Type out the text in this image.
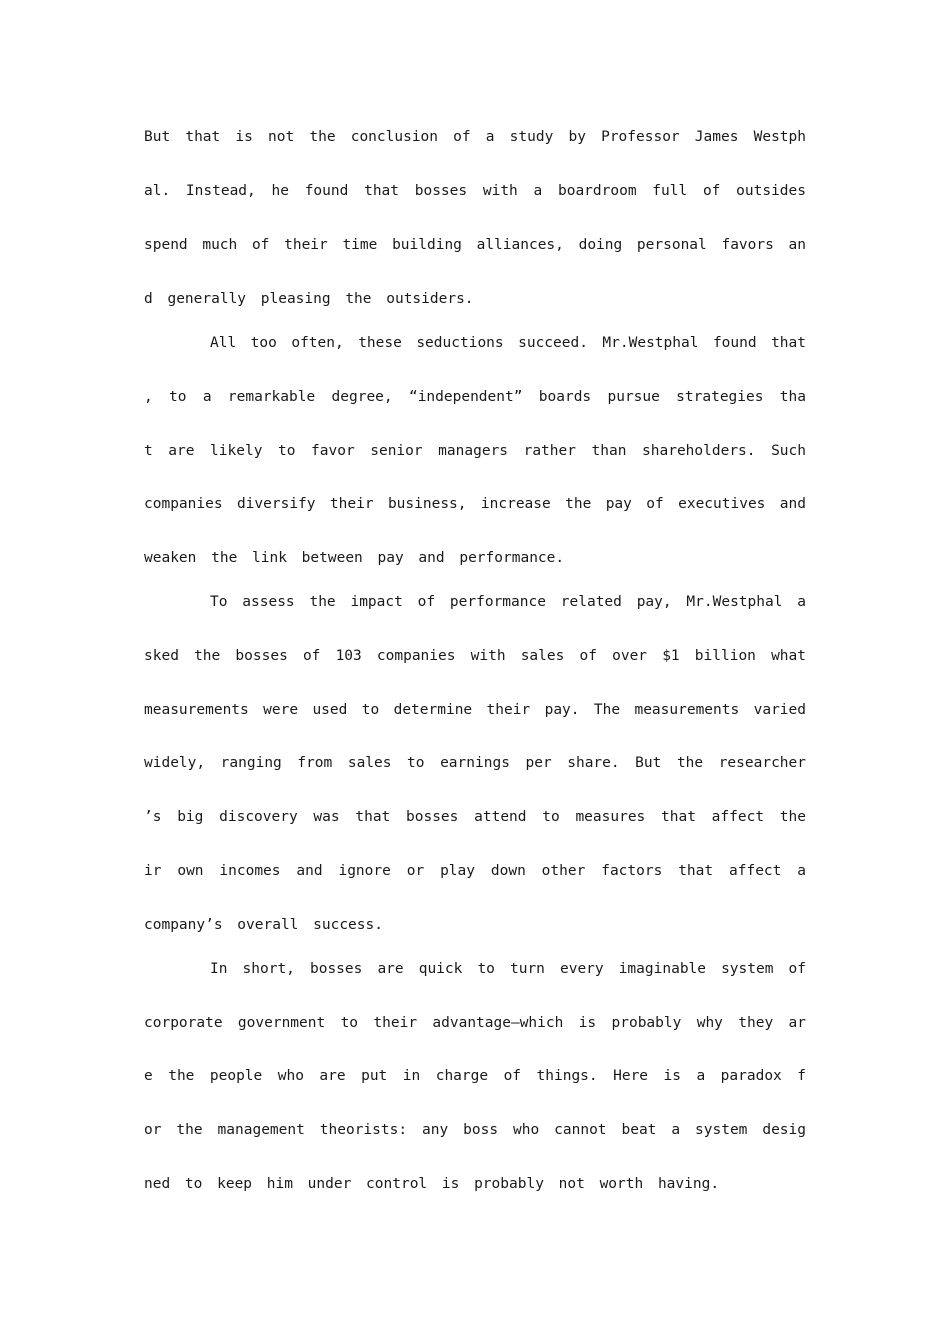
But that is not the conclusion of a study by Professor James Westph
al. Instead, he found that bosses with a boardroom full of outsides
spend much of their time building alliances, doing personal favors an
d generally pleasing the outsiders.
All too often, these seductions succeed. Mr.Westphal found that
, to a remarkable degree, “independent” boards pursue strategies tha
t are likely to favor senior managers rather than shareholders. Such
companies diversify their business, increase the pay of executives and
weaken the link between pay and performance.
To assess the impact of performance related pay, Mr.Westphal a
sked the bosses of 103 companies with sales of over $1 billion what
measurements were used to determine their pay. The measurements varied
widely, ranging from sales to earnings per share. But the researcher
’s big discovery was that bosses attend to measures that affect the
ir own incomes and ignore or play down other factors that affect a
company’s overall success.
In short, bosses are quick to turn every imaginable system of
corporate government to their advantage—which is probably why they ar
e the people who are put in charge of things. Here is a paradox f
or the management theorists: any boss who cannot beat a system desig
ned to keep him under control is probably not worth having.
